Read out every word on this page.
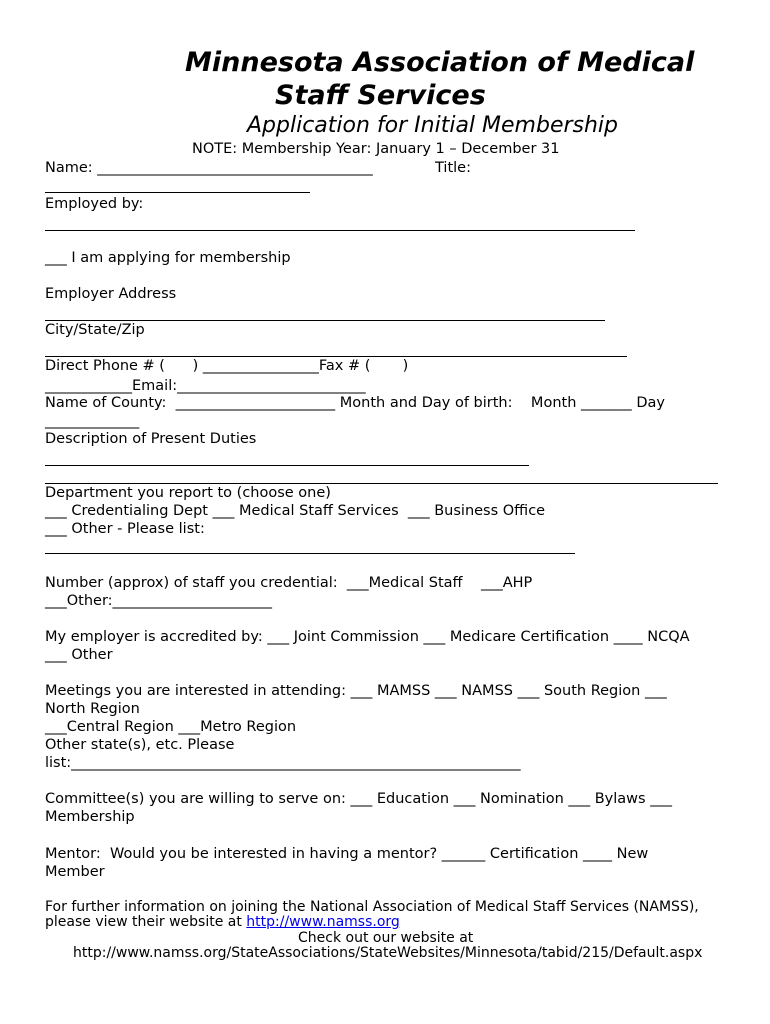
Minnesota Association of Medical
Staff Services
Application for Initial Membership
NOTE: Membership Year: January 1 – December 31
Name: ______________________________________	Title:
Employed by:
___ I am applying for membership
Employer Address
City/State/Zip
Direct Phone # (      ) ________________Fax # (       )
____________Email:__________________________
Name of County:  ______________________ Month and Day of birth:    Month _______ Day
_____________
Description of Present Duties
Department you report to (choose one)
___ Credentialing Dept ___ Medical Staff Services  ___ Business Office
___ Other - Please list:
Number (approx) of staff you credential:  ___Medical Staff    ___AHP
___Other:______________________
My employer is accredited by: ___ Joint Commission ___ Medicare Certification ____ NCQA
___ Other
Meetings you are interested in attending: ___ MAMSS ___ NAMSS ___ South Region ___
North Region
___Central Region ___Metro Region
Other state(s), etc. Please
list:______________________________________________________________
Committee(s) you are willing to serve on: ___ Education ___ Nomination ___ Bylaws ___
Membership
Mentor:  Would you be interested in having a mentor? ______ Certification ____ New
Member
For further information on joining the National Association of Medical Staff Services (NAMSS),
please view their website at http://www.namss.org
Check out our website at
http://www.namss.org/StateAssociations/StateWebsites/Minnesota/tabid/215/Default.aspx
